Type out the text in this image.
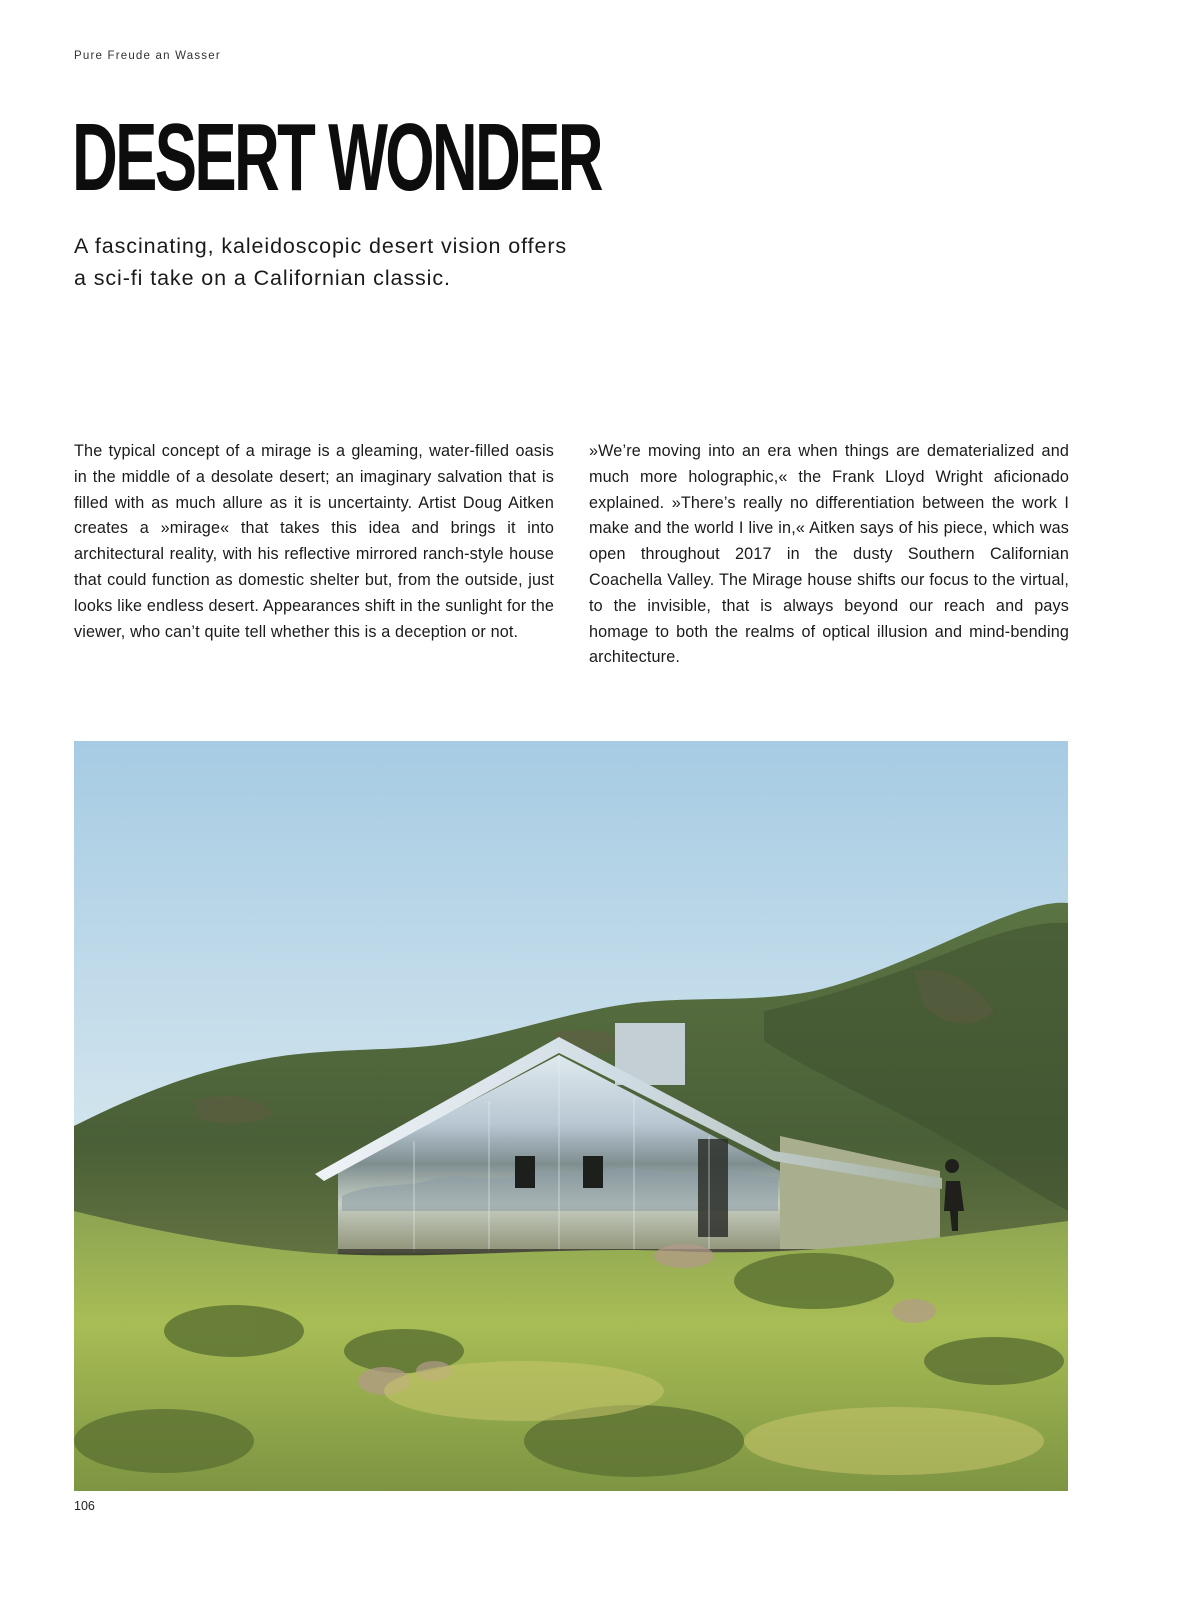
Pure Freude an Wasser
DESERT WONDER
A fascinating, kaleidoscopic desert vision offers
a sci-fi take on a Californian classic.

The typical concept of a mirage is a gleaming, water-filled oasis in the middle of a desolate desert; an imaginary salvation that is filled with as much allure as it is uncertainty. Artist Doug Aitken creates a »mirage« that takes this idea and brings it into architectural reality, with his reflective mirrored ranch-style house that could function as domestic shelter but, from the outside, just looks like endless desert. Appearances shift in the sunlight for the viewer, who can’t quite tell whether this is a deception or not.

»We’re moving into an era when things are dematerialized and much more holographic,« the Frank Lloyd Wright aficionado explained. »There’s really no differentiation between the work I make and the world I live in,« Aitken says of his piece, which was open throughout 2017 in the dusty Southern Californian Coachella Valley. The Mirage house shifts our focus to the virtual, to the invisible, that is always beyond our reach and pays homage to both the realms of optical illusion and mind-bending architecture.

106
